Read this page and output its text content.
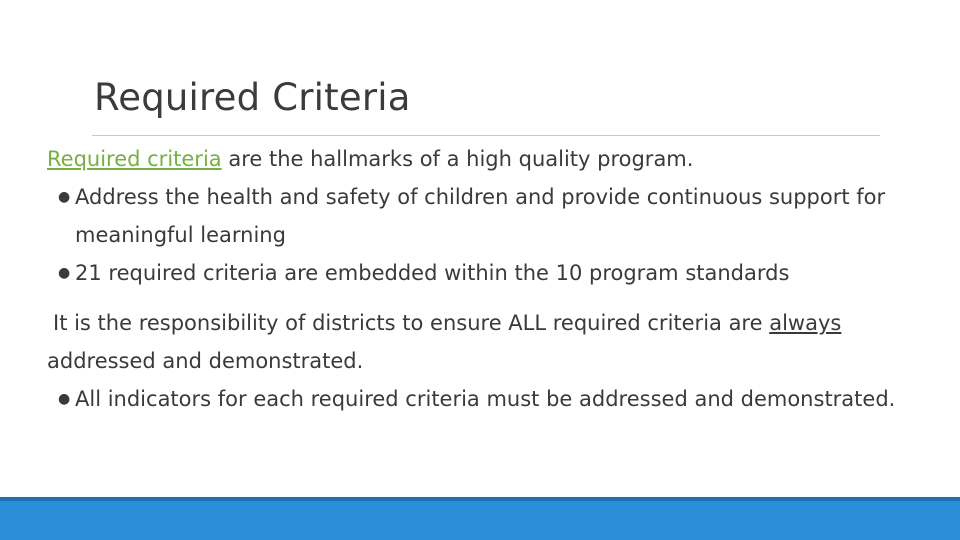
Required Criteria

Required criteria are the hallmarks of a high quality program.

● Address the health and safety of children and provide continuous support for meaningful learning
● 21 required criteria are embedded within the 10 program standards

It is the responsibility of districts to ensure ALL required criteria are always addressed and demonstrated.

● All indicators for each required criteria must be addressed and demonstrated.
